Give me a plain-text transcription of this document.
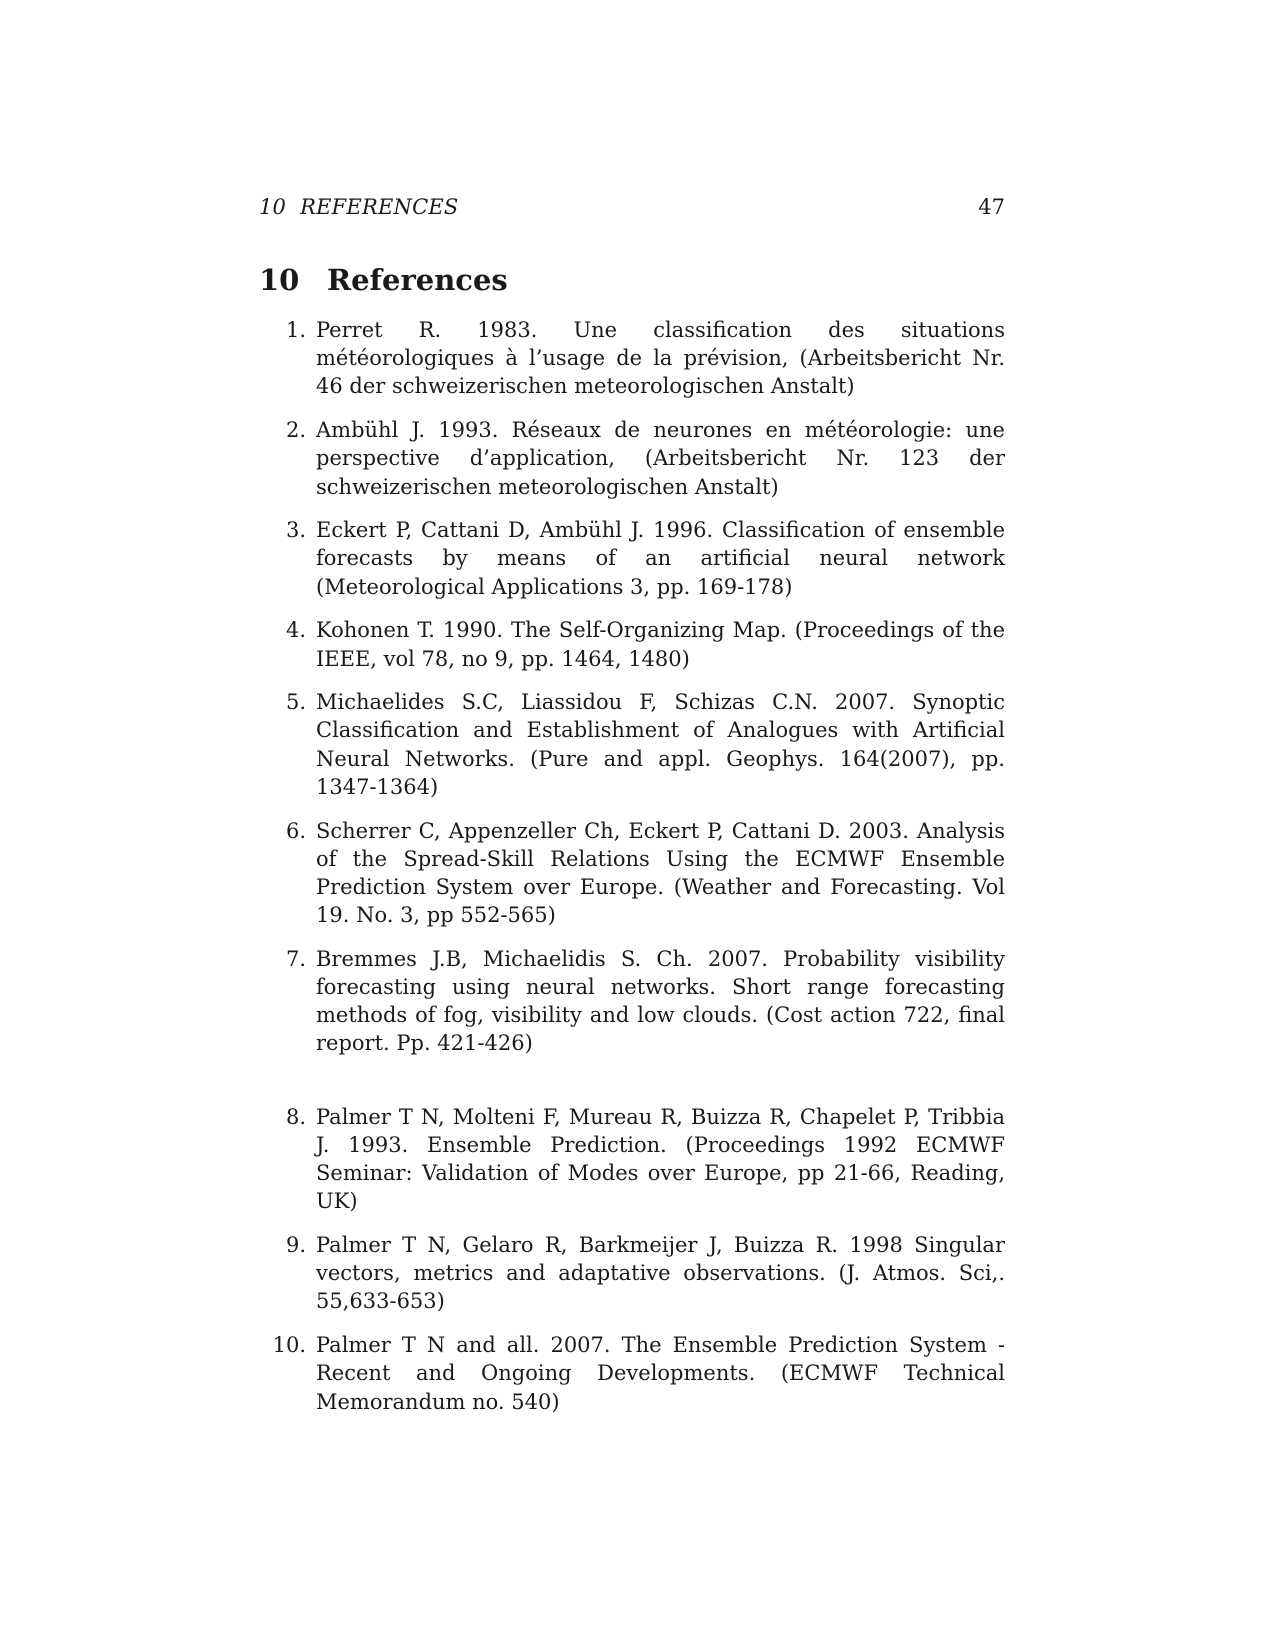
10 REFERENCES	47
10 References
1. Perret R. 1983. Une classification des situations météorologiques à l’usage de la prévision, (Arbeitsbericht Nr. 46 der schweizerischen meteorologischen Anstalt)
2. Ambühl J. 1993. Réseaux de neurones en météorologie: une perspective d’application, (Arbeitsbericht Nr. 123 der schweizerischen meteorologischen Anstalt)
3. Eckert P, Cattani D, Ambühl J. 1996. Classification of ensemble forecasts by means of an artificial neural network (Meteorological Applications 3, pp. 169-178)
4. Kohonen T. 1990. The Self-Organizing Map. (Proceedings of the IEEE, vol 78, no 9, pp. 1464, 1480)
5. Michaelides S.C, Liassidou F, Schizas C.N. 2007. Synoptic Classification and Establishment of Analogues with Artificial Neural Networks. (Pure and appl. Geophys. 164(2007), pp. 1347-1364)
6. Scherrer C, Appenzeller Ch, Eckert P, Cattani D. 2003. Analysis of the Spread-Skill Relations Using the ECMWF Ensemble Prediction System over Europe. (Weather and Forecasting. Vol 19. No. 3, pp 552-565)
7. Bremmes J.B, Michaelidis S. Ch. 2007. Probability visibility forecasting using neural networks. Short range forecasting methods of fog, visibility and low clouds. (Cost action 722, final report. Pp. 421-426)
8. Palmer T N, Molteni F, Mureau R, Buizza R, Chapelet P, Tribbia J. 1993. Ensemble Prediction. (Proceedings 1992 ECMWF Seminar: Validation of Modes over Europe, pp 21-66, Reading, UK)
9. Palmer T N, Gelaro R, Barkmeijer J, Buizza R. 1998 Singular vectors, metrics and adaptative observations. (J. Atmos. Sci,. 55,633-653)
10. Palmer T N and all. 2007. The Ensemble Prediction System - Recent and Ongoing Developments. (ECMWF Technical Memorandum no. 540)
